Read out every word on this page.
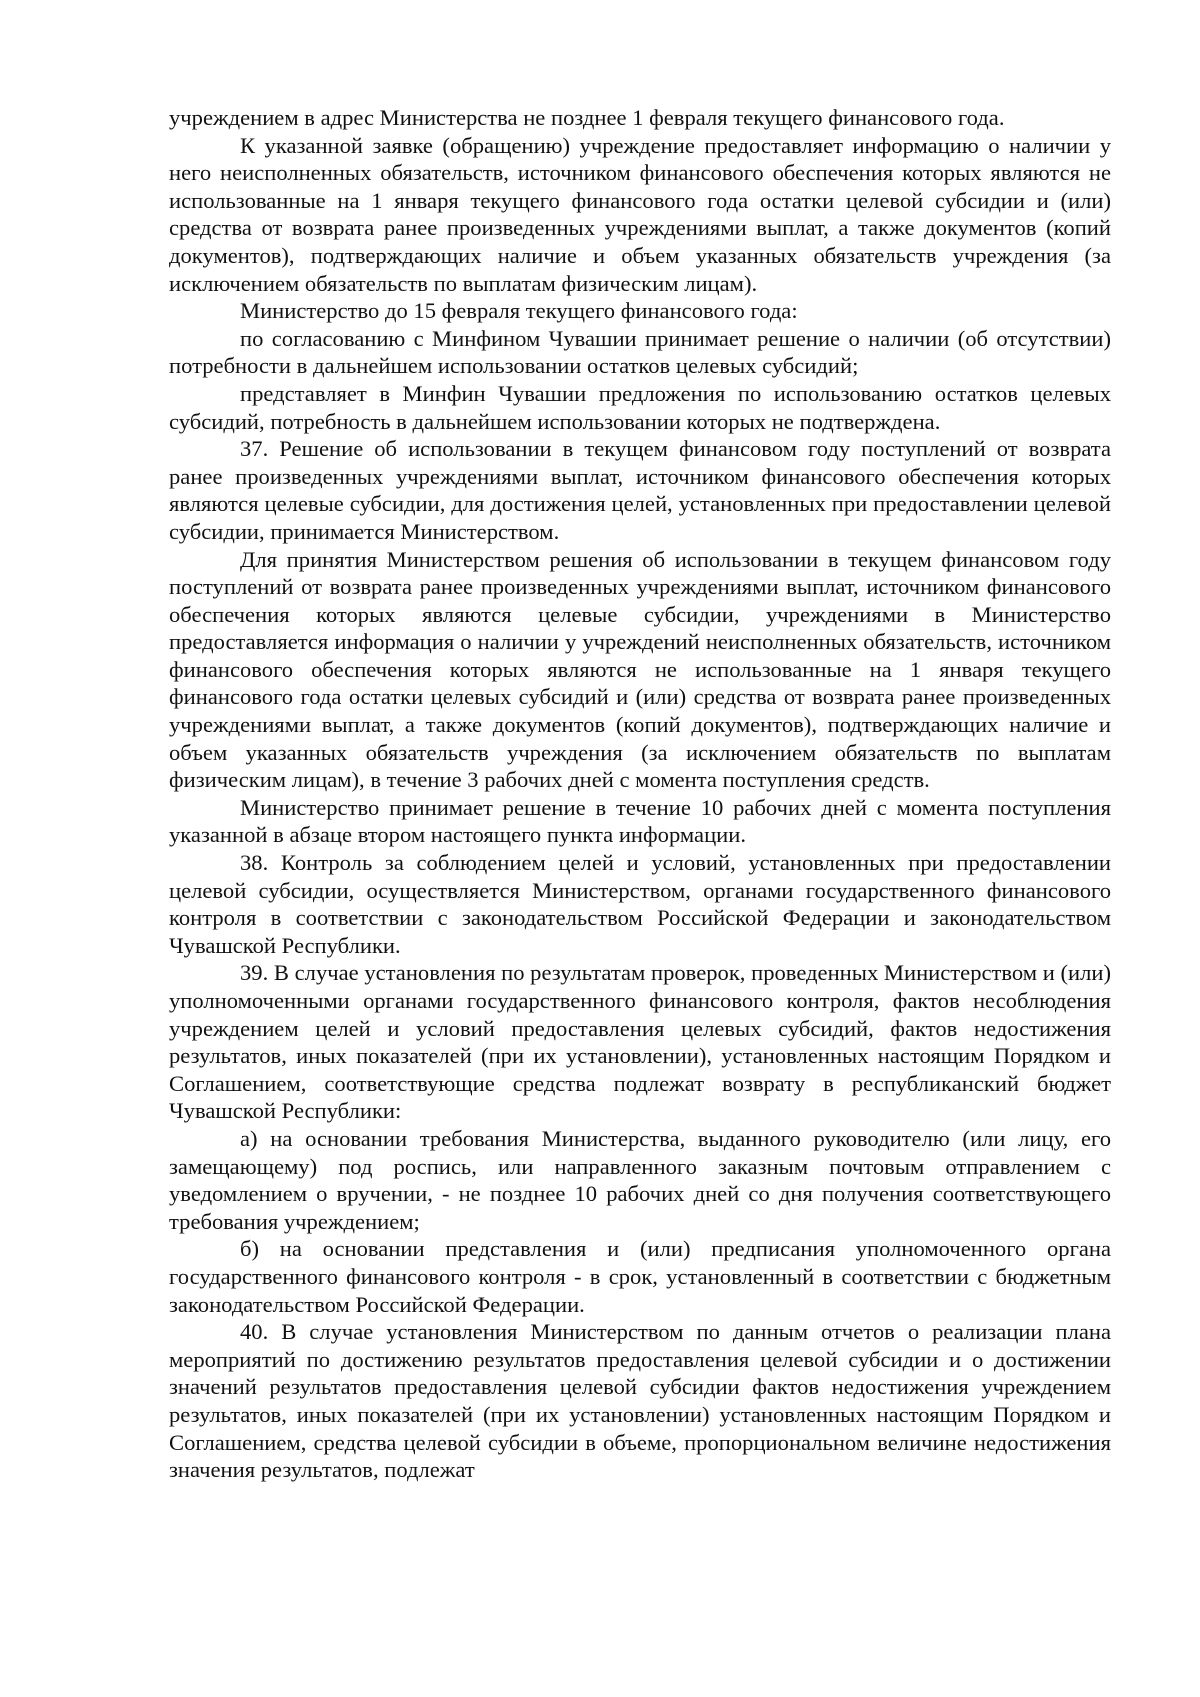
учреждением в адрес Министерства не позднее 1 февраля текущего финансового года.

К указанной заявке (обращению) учреждение предоставляет информацию о наличии у него неисполненных обязательств, источником финансового обеспечения которых являются не использованные на 1 января текущего финансового года остатки целевой субсидии и (или) средства от возврата ранее произведенных учреждениями выплат, а также документов (копий документов), подтверждающих наличие и объем указанных обязательств учреждения (за исключением обязательств по выплатам физическим лицам).

Министерство до 15 февраля текущего финансового года:

по согласованию с Минфином Чувашии принимает решение о наличии (об отсутствии) потребности в дальнейшем использовании остатков целевых субсидий;

представляет в Минфин Чувашии предложения по использованию остатков целевых субсидий, потребность в дальнейшем использовании которых не подтверждена.

37. Решение об использовании в текущем финансовом году поступлений от возврата ранее произведенных учреждениями выплат, источником финансового обеспечения которых являются целевые субсидии, для достижения целей, установленных при предоставлении целевой субсидии, принимается Министерством.

Для принятия Министерством решения об использовании в текущем финансовом году поступлений от возврата ранее произведенных учреждениями выплат, источником финансового обеспечения которых являются целевые субсидии, учреждениями в Министерство предоставляется информация о наличии у учреждений неисполненных обязательств, источником финансового обеспечения которых являются не использованные на 1 января текущего финансового года остатки целевых субсидий и (или) средства от возврата ранее произведенных учреждениями выплат, а также документов (копий документов), подтверждающих наличие и объем указанных обязательств учреждения (за исключением обязательств по выплатам физическим лицам), в течение 3 рабочих дней с момента поступления средств.

Министерство принимает решение в течение 10 рабочих дней с момента поступления указанной в абзаце втором настоящего пункта информации.

38. Контроль за соблюдением целей и условий, установленных при предоставлении целевой субсидии, осуществляется Министерством, органами государственного финансового контроля в соответствии с законодательством Российской Федерации и законодательством Чувашской Республики.

39. В случае установления по результатам проверок, проведенных Министерством и (или) уполномоченными органами государственного финансового контроля, фактов несоблюдения учреждением целей и условий предоставления целевых субсидий, фактов недостижения результатов, иных показателей (при их установлении), установленных настоящим Порядком и Соглашением, соответствующие средства подлежат возврату в республиканский бюджет Чувашской Республики:

а) на основании требования Министерства, выданного руководителю (или лицу, его замещающему) под роспись, или направленного заказным почтовым отправлением с уведомлением о вручении, - не позднее 10 рабочих дней со дня получения соответствующего требования учреждением;

б) на основании представления и (или) предписания уполномоченного органа государственного финансового контроля - в срок, установленный в соответствии с бюджетным законодательством Российской Федерации.

40. В случае установления Министерством по данным отчетов о реализации плана мероприятий по достижению результатов предоставления целевой субсидии и о достижении значений результатов предоставления целевой субсидии фактов недостижения учреждением результатов, иных показателей (при их установлении) установленных настоящим Порядком и Соглашением, средства целевой субсидии в объеме, пропорциональном величине недостижения значения результатов, подлежат
